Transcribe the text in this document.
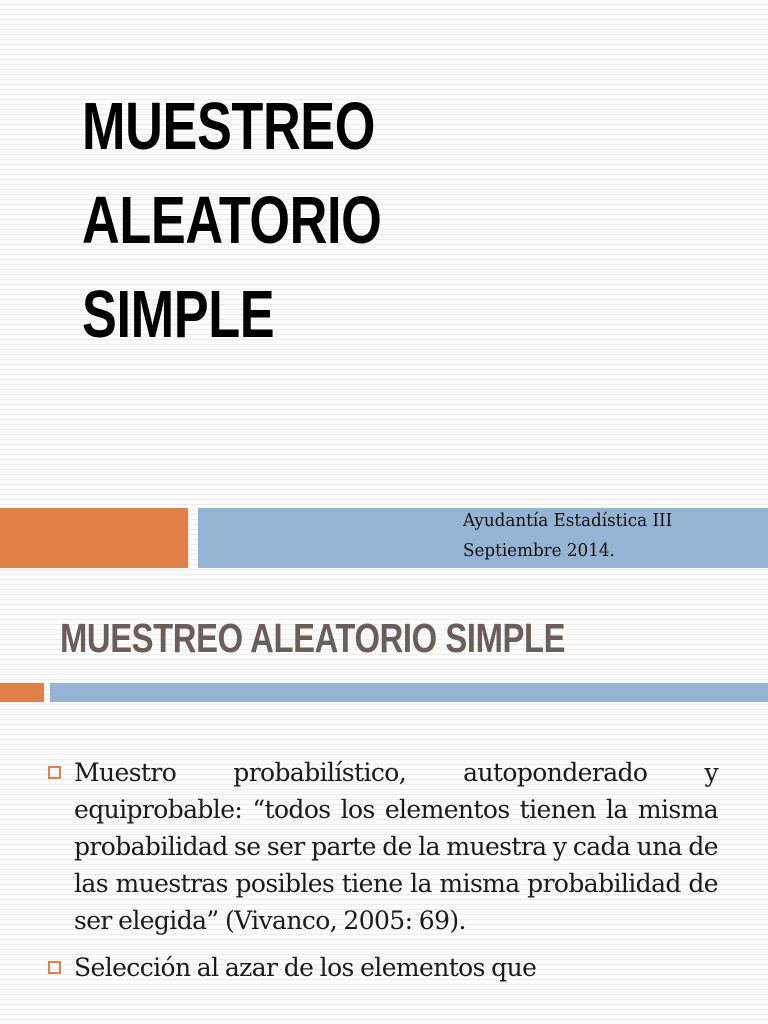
MUESTREO
ALEATORIO
SIMPLE
Ayudantía Estadística III
Septiembre 2014.
MUESTREO ALEATORIO SIMPLE
Muestro probabilístico, autoponderado y equiprobable: “todos los elementos tienen la misma probabilidad se ser parte de la muestra y cada una de las muestras posibles tiene la misma probabilidad de ser elegida” (Vivanco, 2005: 69).
Selección al azar de los elementos que
